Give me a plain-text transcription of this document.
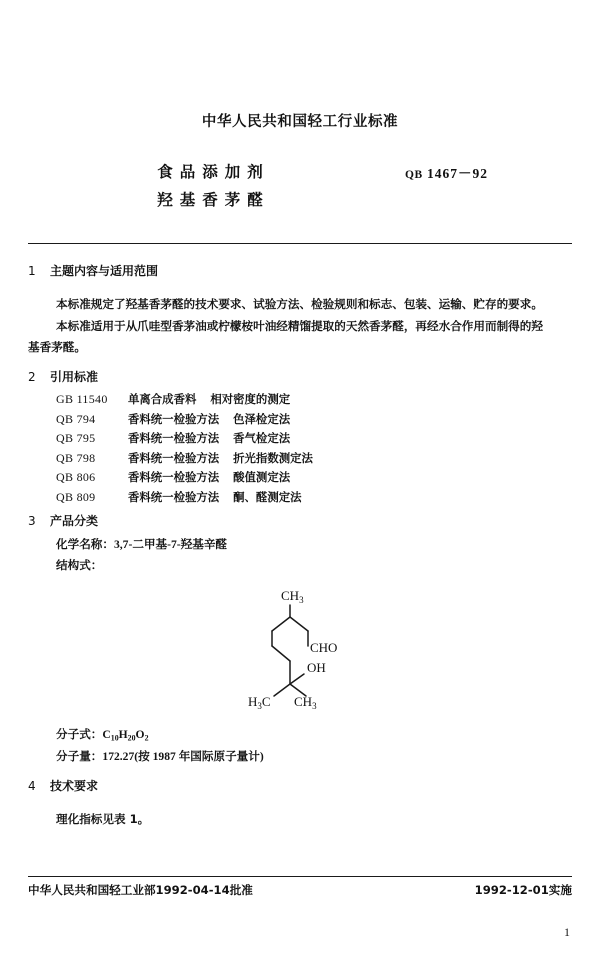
中华人民共和国轻工行业标准
食品添加剂
羟基香茅醛
QB 1467－92
1 主题内容与适用范围
本标准规定了羟基香茅醛的技术要求、试验方法、检验规则和标志、包装、运输、贮存的要求。
本标准适用于从爪哇型香茅油或柠檬桉叶油经精馏提取的天然香茅醛，再经水合作用而制得的羟
基香茅醛。
2 引用标准
GB 11540 单离合成香料 相对密度的测定
QB 794	香料统一检验方法 色泽检定法
QB 795	香料统一检验方法 香气检定法
QB 798	香料统一检验方法 折光指数测定法
QB 806	香料统一检验方法 酸值测定法
QB 809	香料统一检验方法 酮、醛测定法
3 产品分类
化学名称：3,7-二甲基-7-羟基辛醛
结构式：
$CH_3$
CHO
OH
$H_3C$ $CH_3$
分子式：$C_{10}H_{20}O_2$
分子量：172.27(按 1987 年国际原子量计)
4 技术要求
理化指标见表 1。
中华人民共和国轻工业部1992-04-14批准	1992-12-01实施
1
